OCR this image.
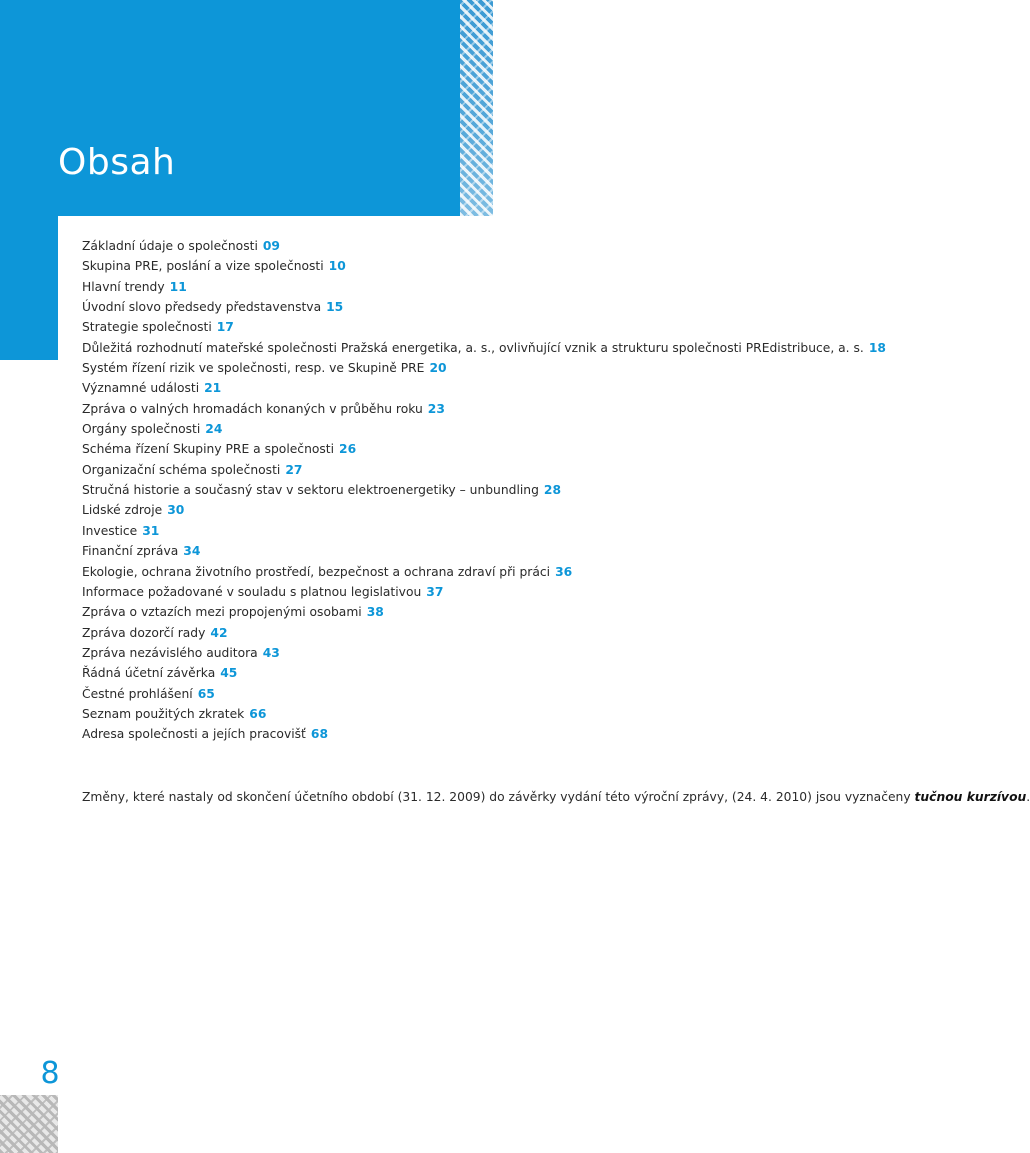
Obsah
Základní údaje o společnosti 09
Skupina PRE, poslání a vize společnosti 10
Hlavní trendy 11
Úvodní slovo předsedy představenstva 15
Strategie společnosti 17
Důležitá rozhodnutí mateřské společnosti Pražská energetika, a. s., ovlivňující vznik a strukturu společnosti PREdistribuce, a. s. 18
Systém řízení rizik ve společnosti, resp. ve Skupině PRE 20
Významné události 21
Zpráva o valných hromadách konaných v průběhu roku 23
Orgány společnosti 24
Schéma řízení Skupiny PRE a společnosti 26
Organizační schéma společnosti 27
Stručná historie a současný stav v sektoru elektroenergetiky – unbundling 28
Lidské zdroje 30
Investice 31
Finanční zpráva 34
Ekologie, ochrana životního prostředí, bezpečnost a ochrana zdraví při práci 36
Informace požadované v souladu s platnou legislativou 37
Zpráva o vztazích mezi propojenými osobami 38
Zpráva dozorčí rady 42
Zpráva nezávislého auditora 43
Řádná účetní závěrka 45
Čestné prohlášení 65
Seznam použitých zkratek 66
Adresa společnosti a jejích pracovišť 68
Změny, které nastaly od skončení účetního období (31. 12. 2009) do závěrky vydání této výroční zprávy, (24. 4. 2010) jsou vyznačeny tučnou kurzívou.
8
